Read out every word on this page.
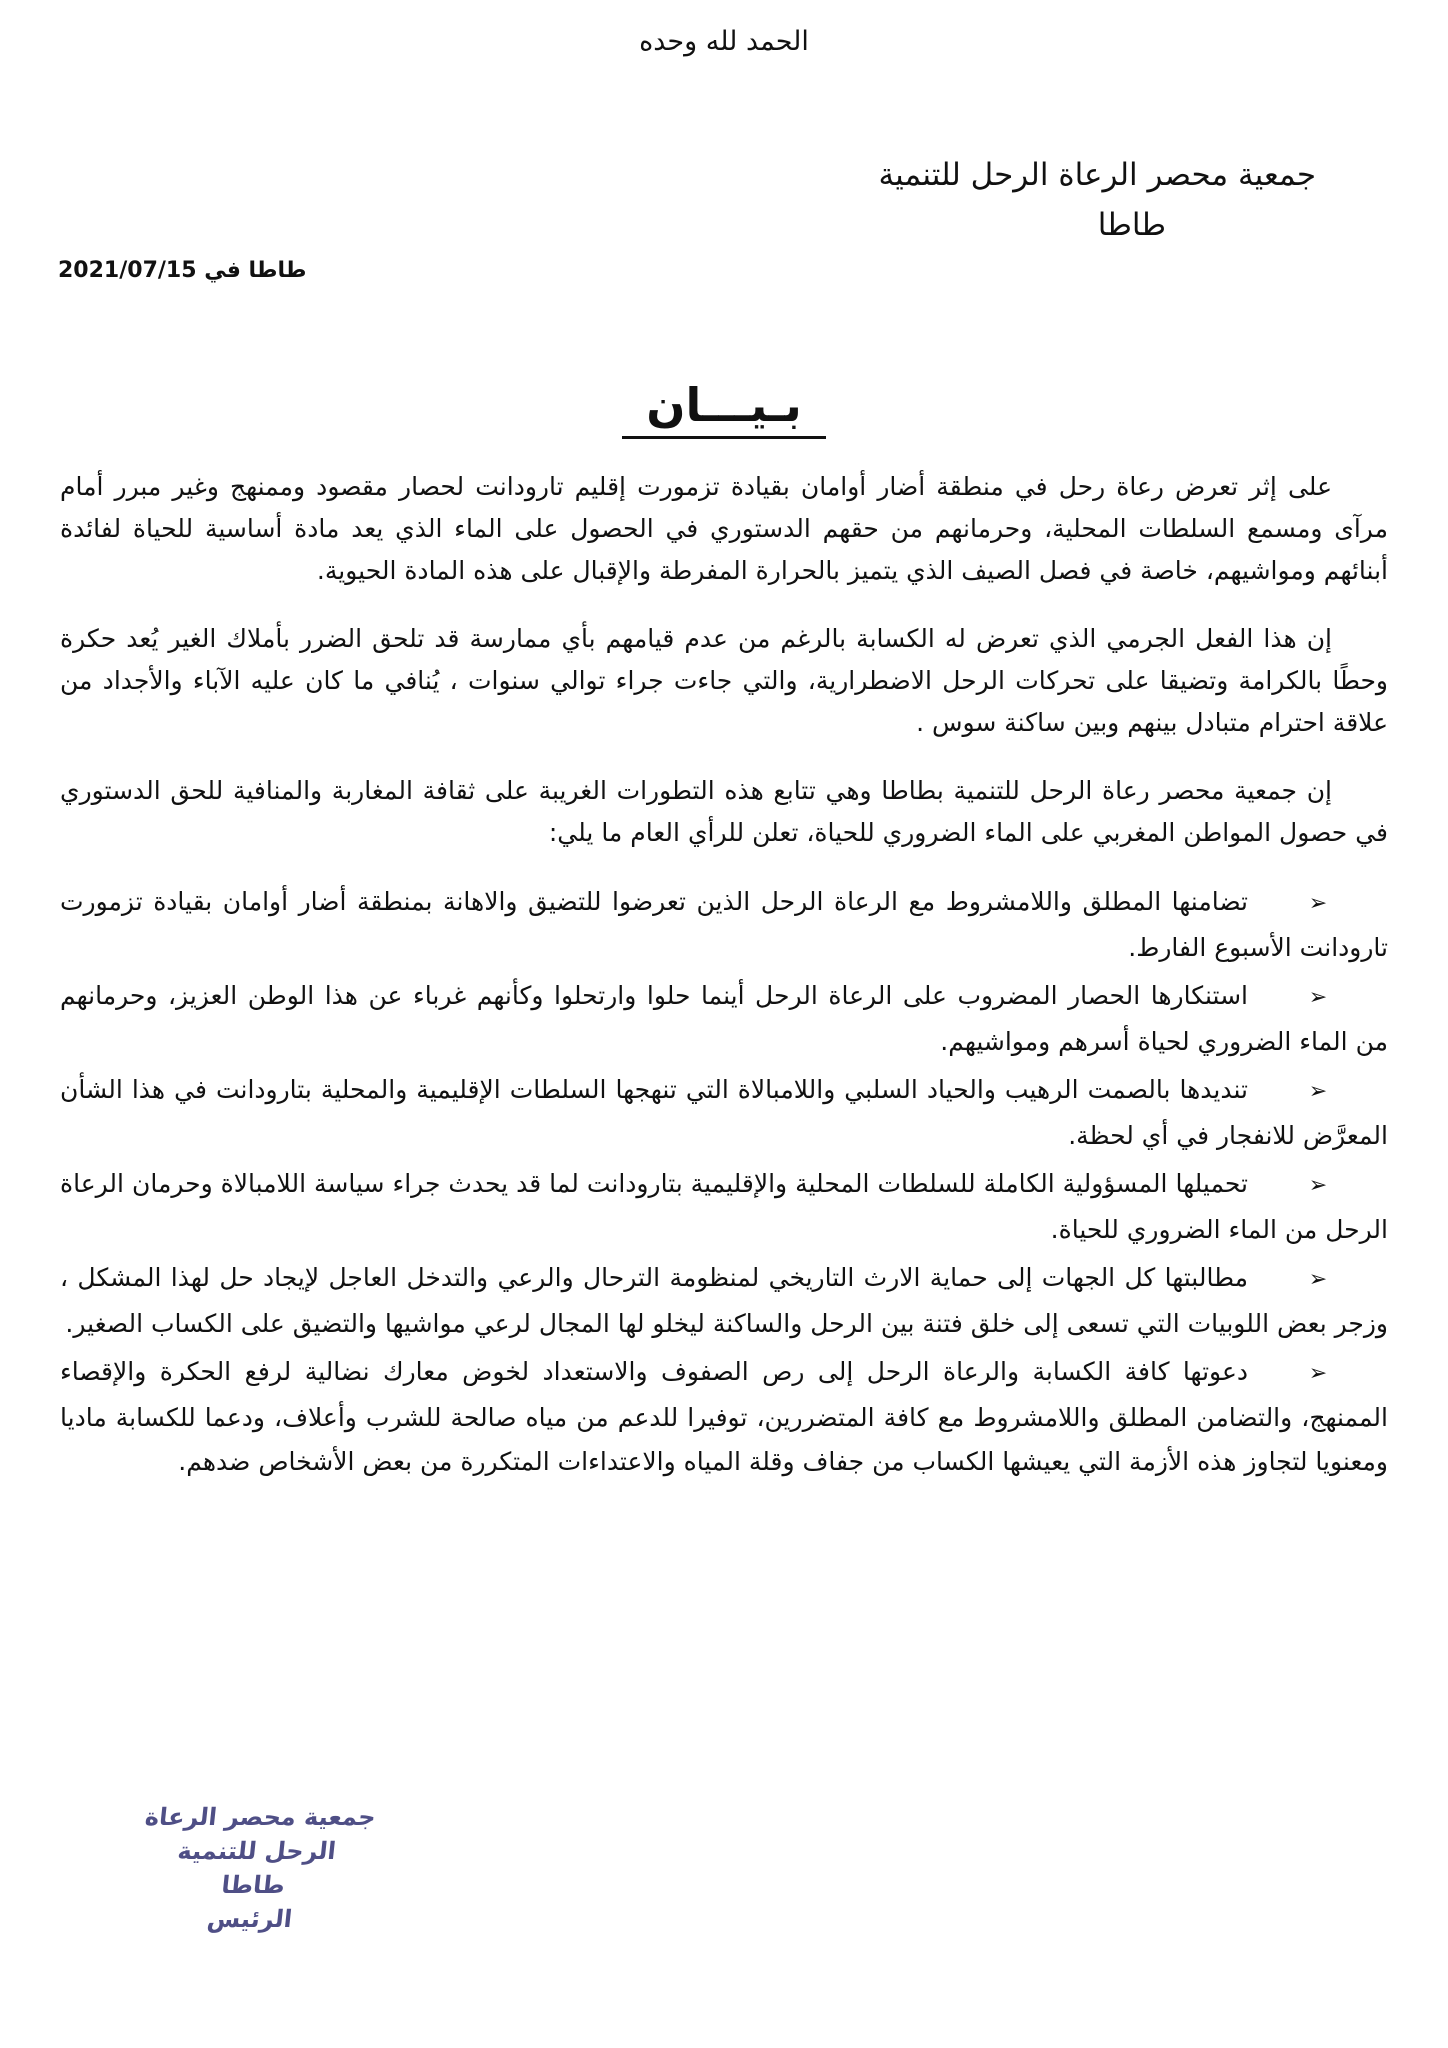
الحمد لله وحده
جمعية محصر الرعاة الرحل للتنمية
طاطا
طاطا في 2021/07/15
بـيـــان

على إثر تعرض رعاة رحل في منطقة أضار أوامان بقيادة تزمورت إقليم تارودانت لحصار مقصود وممنهج وغير مبرر أمام مرآى ومسمع السلطات المحلية، وحرمانهم من حقهم الدستوري في الحصول على الماء الذي يعد مادة أساسية للحياة لفائدة أبنائهم ومواشيهم، خاصة في فصل الصيف الذي يتميز بالحرارة المفرطة والإقبال على هذه المادة الحيوية.

إن هذا الفعل الجرمي الذي تعرض له الكسابة بالرغم من عدم قيامهم بأي ممارسة قد تلحق الضرر بأملاك الغير يُعد حكرة وحطًا بالكرامة وتضيقا على تحركات الرحل الاضطرارية، والتي جاءت جراء توالي سنوات ، يُنافي ما كان عليه الآباء والأجداد من علاقة احترام متبادل بينهم وبين ساكنة سوس .

إن جمعية محصر رعاة الرحل للتنمية بطاطا وهي تتابع هذه التطورات الغريبة على ثقافة المغاربة والمنافية للحق الدستوري في حصول المواطن المغربي على الماء الضروري للحياة، تعلن للرأي العام ما يلي:

➢تضامنها المطلق واللامشروط مع الرعاة الرحل الذين تعرضوا للتضيق والاهانة بمنطقة أضار أوامان بقيادة تزمورت تارودانت الأسبوع الفارط.
➢استنكارها الحصار المضروب على الرعاة الرحل أينما حلوا وارتحلوا وكأنهم غرباء عن هذا الوطن العزيز، وحرمانهم من الماء الضروري لحياة أسرهم ومواشيهم.
➢تنديدها بالصمت الرهيب والحياد السلبي واللامبالاة التي تنهجها السلطات الإقليمية والمحلية بتارودانت في هذا الشأن المعرَّض للانفجار في أي لحظة.
➢تحميلها المسؤولية الكاملة للسلطات المحلية والإقليمية بتارودانت لما قد يحدث جراء سياسة اللامبالاة وحرمان الرعاة الرحل من الماء الضروري للحياة.
➢مطالبتها كل الجهات إلى حماية الارث التاريخي لمنظومة الترحال والرعي والتدخل العاجل لإيجاد حل لهذا المشكل ، وزجر بعض اللوبيات التي تسعى إلى خلق فتنة بين الرحل والساكنة ليخلو لها المجال لرعي مواشيها والتضيق على الكساب الصغير.
➢دعوتها كافة الكسابة والرعاة الرحل إلى رص الصفوف والاستعداد لخوض معارك نضالية لرفع الحكرة والإقصاء الممنهج، والتضامن المطلق واللامشروط مع كافة المتضررين، توفيرا للدعم من مياه صالحة للشرب وأعلاف، ودعما للكسابة ماديا ومعنويا لتجاوز هذه الأزمة التي يعيشها الكساب من جفاف وقلة المياه والاعتداءات المتكررة من بعض الأشخاص ضدهم.
جمعية محصر الرعاة الرحل للتنمية
طاطا
الرئيس
